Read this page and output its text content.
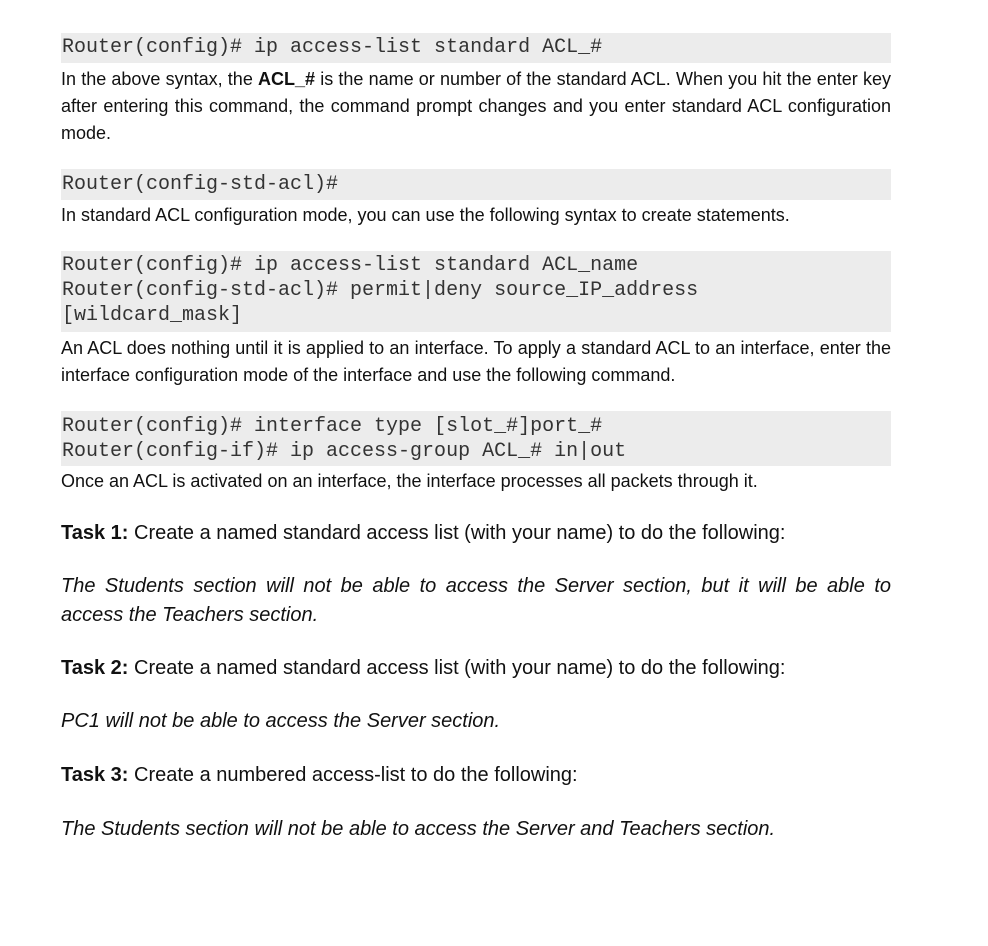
Router(config)# ip access-list standard ACL_#

In the above syntax, the ACL_# is the name or number of the standard ACL. When you hit the enter key after entering this command, the command prompt changes and you enter standard ACL configuration mode.

Router(config-std-acl)#

In standard ACL configuration mode, you can use the following syntax to create statements.

Router(config)# ip access-list standard ACL_name
Router(config-std-acl)# permit|deny source_IP_address
[wildcard_mask]

An ACL does nothing until it is applied to an interface. To apply a standard ACL to an interface, enter the interface configuration mode of the interface and use the following command.

Router(config)# interface type [slot_#]port_#
Router(config-if)# ip access-group ACL_# in|out

Once an ACL is activated on an interface, the interface processes all packets through it.

Task 1: Create a named standard access list (with your name) to do the following:

The Students section will not be able to access the Server section, but it will be able to access the Teachers section.

Task 2: Create a named standard access list (with your name) to do the following:

PC1 will not be able to access the Server section.

Task 3: Create a numbered access-list to do the following:

The Students section will not be able to access the Server and Teachers section.
